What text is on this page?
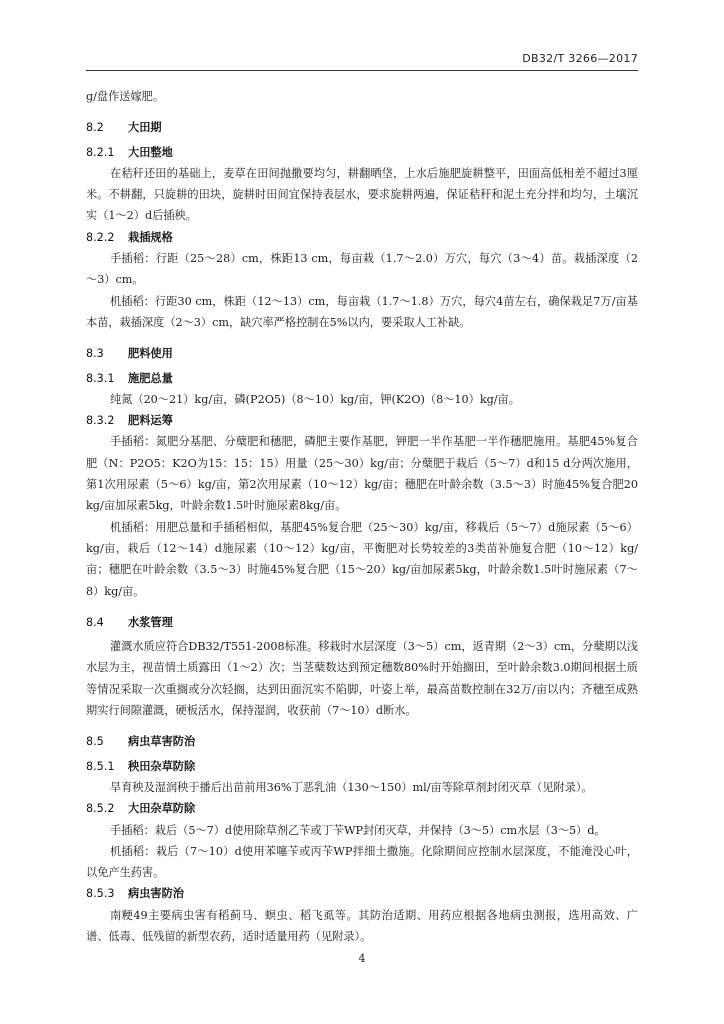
DB32/T 3266—2017

g/盘作送嫁肥。

8.2 大田期
8.2.1 大田整地

在秸秆还田的基础上，麦草在田间抛撒要均匀，耕翻晒垡，上水后施肥旋耕整平，田面高低相差不超过3厘米。不耕翻，只旋耕的田块，旋耕时田间宜保持表层水，要求旋耕两遍，保证秸秆和泥土充分拌和均匀，土壤沉实（1～2）d后插秧。

8.2.2 栽插规格

手插稻：行距（25～28）cm，株距13 cm，每亩栽（1.7～2.0）万穴，每穴（3～4）苗。栽插深度（2～3）cm。

机插稻：行距30 cm，株距（12～13）cm，每亩栽（1.7～1.8）万穴，每穴4苗左右，确保栽足7万/亩基本苗，栽插深度（2～3）cm，缺穴率严格控制在5%以内，要采取人工补缺。

8.3 肥料使用
8.3.1 施肥总量

纯氮（20～21）kg/亩，磷(P2O5)（8～10）kg/亩，钾(K2O)（8～10）kg/亩。

8.3.2 肥料运筹

手插稻：氮肥分基肥、分蘖肥和穗肥，磷肥主要作基肥，钾肥一半作基肥一半作穗肥施用。基肥45%复合肥（N：P2O5：K2O为15：15：15）用量（25～30）kg/亩；分蘖肥于栽后（5～7）d和15 d分两次施用，第1次用尿素（5～6）kg/亩，第2次用尿素（10～12）kg/亩；穗肥在叶龄余数（3.5～3）时施45%复合肥20 kg/亩加尿素5kg，叶龄余数1.5叶时施尿素8kg/亩。

机插稻：用肥总量和手插稻相似，基肥45%复合肥（25～30）kg/亩，移栽后（5～7）d施尿素（5～6）kg/亩，栽后（12～14）d施尿素（10～12）kg/亩，平衡肥对长势较差的3类苗补施复合肥（10～12）kg/亩；穗肥在叶龄余数（3.5～3）时施45%复合肥（15～20）kg/亩加尿素5kg，叶龄余数1.5叶时施尿素（7～8）kg/亩。

8.4 水浆管理

灌溉水质应符合DB32/T551-2008标准。移栽时水层深度（3～5）cm，返青期（2～3）cm，分蘖期以浅水层为主，视苗情土质露田（1～2）次；当茎蘖数达到预定穗数80%时开始搁田，至叶龄余数3.0期间根据土质等情况采取一次重搁或分次轻搁，达到田面沉实不陷脚，叶姿上举，最高苗数控制在32万/亩以内；齐穗至成熟期实行间隙灌溉，硬板活水，保持湿润，收获前（7～10）d断水。

8.5 病虫草害防治
8.5.1 秧田杂草防除

旱育秧及湿润秧于播后出苗前用36%丁恶乳油（130～150）ml/亩等除草剂封闭灭草（见附录）。

8.5.2 大田杂草防除

手插稻：栽后（5～7）d使用除草剂乙苄或丁苄WP封闭灭草，并保持（3～5）cm水层（3～5）d。

机插稻：栽后（7～10）d使用苯噻苄或丙苄WP拌细土撒施。化除期间应控制水层深度，不能淹没心叶，以免产生药害。

8.5.3 病虫害防治

南粳49主要病虫害有稻蓟马、螟虫、稻飞虱等。其防治适期、用药应根据各地病虫测报，选用高效、广谱、低毒、低残留的新型农药，适时适量用药（见附录）。

4
